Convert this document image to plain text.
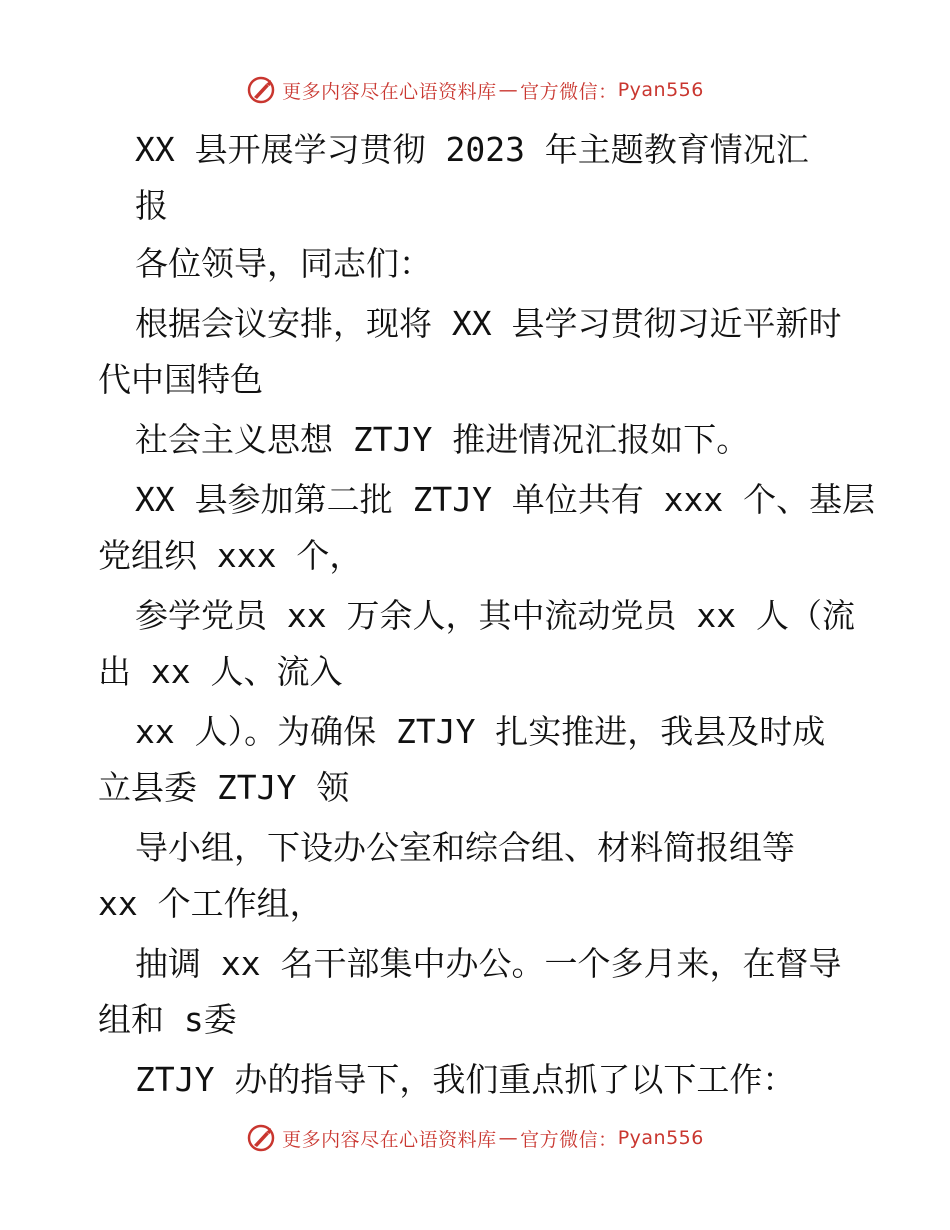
更多内容尽在心语资料库 — 官方微信： Pyan556
XX 县开展学习贯彻 2023 年主题教育情况汇
报
各位领导，同志们：
根据会议安排，现将 XX 县学习贯彻习近平新时
代中国特色
社会主义思想 ZTJY 推进情况汇报如下。
XX 县参加第二批 ZTJY 单位共有 xxx 个、基层
党组织 xxx 个，
参学党员 xx 万余人，其中流动党员 xx 人（流
出 xx 人、流入
xx 人）。为确保 ZTJY 扎实推进，我县及时成
立县委 ZTJY 领
导小组，下设办公室和综合组、材料简报组等
xx 个工作组，
抽调 xx 名干部集中办公。一个多月来，在督导
组和 s委
ZTJY 办的指导下，我们重点抓了以下工作：
更多内容尽在心语资料库 — 官方微信： Pyan556
